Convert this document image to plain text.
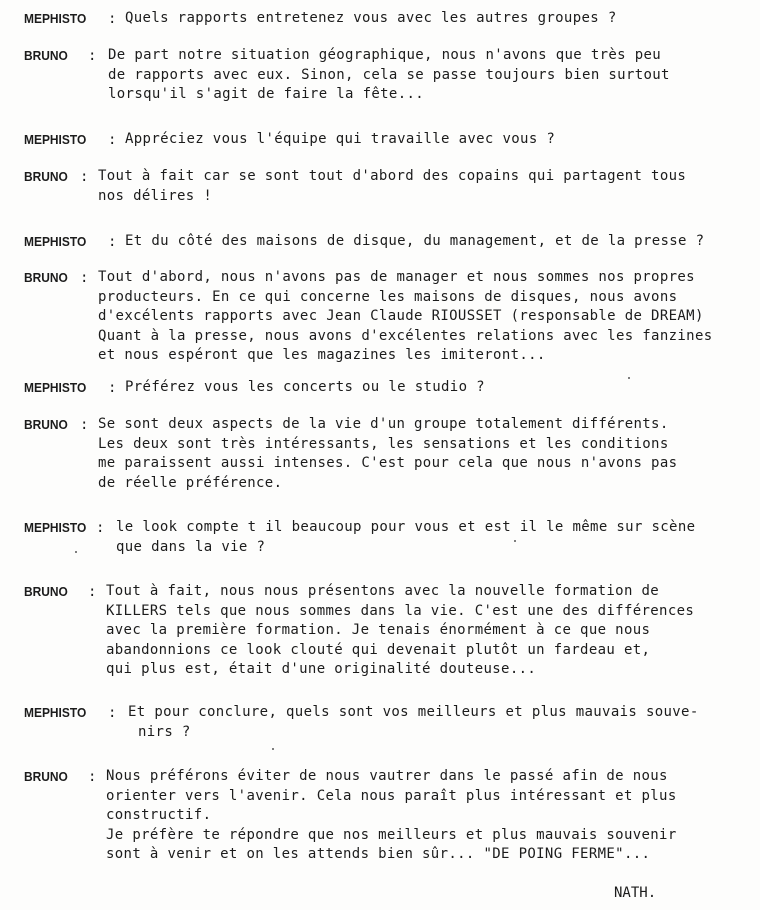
MEPHISTO : Quels rapports entretenez vous avec les autres groupes ?
BRUNO : De part notre situation géographique, nous n'avons que très peu
de rapports avec eux. Sinon, cela se passe toujours bien surtout
lorsqu'il s'agit de faire la fête...
MEPHISTO : Appréciez vous l'équipe qui travaille avec vous ?
BRUNO : Tout à fait car se sont tout d'abord des copains qui partagent tous
nos délires !
MEPHISTO : Et du côté des maisons de disque, du management, et de la presse ?
BRUNO : Tout d'abord, nous n'avons pas de manager et nous sommes nos propres
producteurs. En ce qui concerne les maisons de disques, nous avons
d'excélents rapports avec Jean Claude RIOUSSET (responsable de DREAM)
Quant à la presse, nous avons d'excélentes relations avec les fanzines
et nous espéront que les magazines les imiteront...
MEPHISTO : Préférez vous les concerts ou le studio ?
BRUNO : Se sont deux aspects de la vie d'un groupe totalement différents.
Les deux sont très intéressants, les sensations et les conditions
me paraissent aussi intenses. C'est pour cela que nous n'avons pas
de réelle préférence.
MEPHISTO : le look compte t il beaucoup pour vous et est il le même sur scène
que dans la vie ?
BRUNO : Tout à fait, nous nous présentons avec la nouvelle formation de
KILLERS tels que nous sommes dans la vie. C'est une des différences
avec la première formation. Je tenais énormément à ce que nous
abandonnions ce look clouté qui devenait plutôt un fardeau et,
qui plus est, était d'une originalité douteuse...
MEPHISTO : Et pour conclure, quels sont vos meilleurs et plus mauvais souve-
nirs ?
BRUNO : Nous préférons éviter de nous vautrer dans le passé afin de nous
orienter vers l'avenir. Cela nous paraît plus intéressant et plus
constructif.
Je préfère te répondre que nos meilleurs et plus mauvais souvenir
sont à venir et on les attends bien sûr... "DE POING FERME"...
NATH.
